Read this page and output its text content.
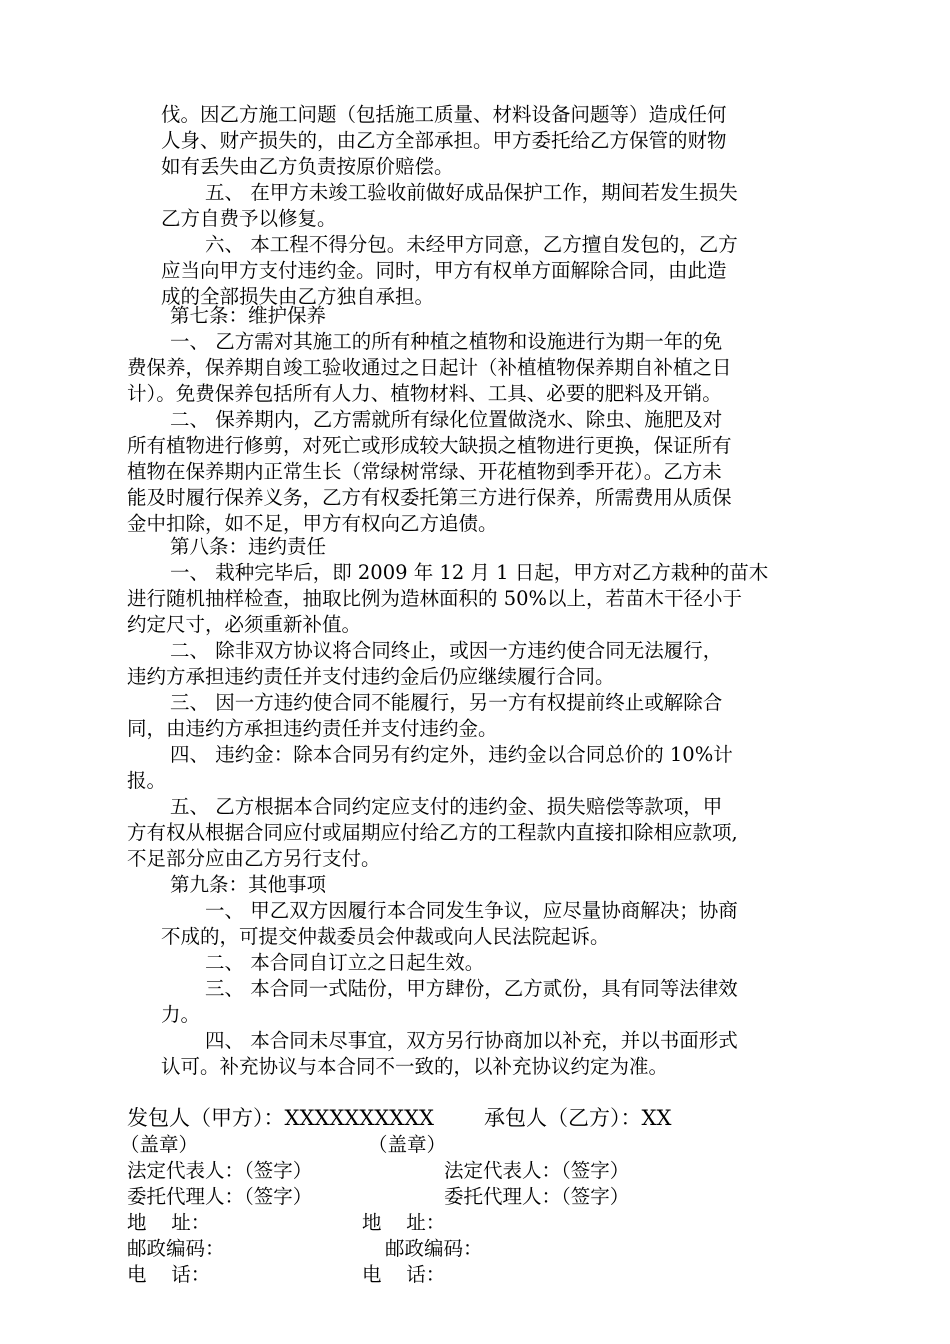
伐。因乙方施工问题（包括施工质量、材料设备问题等）造成任何
人身、财产损失的，由乙方全部承担。甲方委托给乙方保管的财物
如有丢失由乙方负责按原价赔偿。
五、 在甲方未竣工验收前做好成品保护工作，期间若发生损失
乙方自费予以修复。
六、 本工程不得分包。未经甲方同意，乙方擅自发包的，乙方
应当向甲方支付违约金。同时，甲方有权单方面解除合同，由此造
成的全部损失由乙方独自承担。
第七条：维护保养
一、 乙方需对其施工的所有种植之植物和设施进行为期一年的免
费保养，保养期自竣工验收通过之日起计（补植植物保养期自补植之日
计）。免费保养包括所有人力、植物材料、工具、必要的肥料及开销。
二、 保养期内，乙方需就所有绿化位置做浇水、除虫、施肥及对
所有植物进行修剪，对死亡或形成较大缺损之植物进行更换，保证所有
植物在保养期内正常生长（常绿树常绿、开花植物到季开花）。乙方未
能及时履行保养义务，乙方有权委托第三方进行保养，所需费用从质保
金中扣除，如不足，甲方有权向乙方追债。
第八条：违约责任
一、 栽种完毕后，即 2009 年 12 月 1 日起，甲方对乙方栽种的苗木
进行随机抽样检查，抽取比例为造林面积的 50%以上，若苗木干径小于
约定尺寸，必须重新补值。
二、 除非双方协议将合同终止，或因一方违约使合同无法履行，
违约方承担违约责任并支付违约金后仍应继续履行合同。
三、 因一方违约使合同不能履行，另一方有权提前终止或解除合
同，由违约方承担违约责任并支付违约金。
四、 违约金：除本合同另有约定外，违约金以合同总价的 10%计
报。
五、 乙方根据本合同约定应支付的违约金、损失赔偿等款项，甲
方有权从根据合同应付或届期应付给乙方的工程款内直接扣除相应款项,
不足部分应由乙方另行支付。
第九条：其他事项
一、 甲乙双方因履行本合同发生争议，应尽量协商解决；协商
不成的，可提交仲裁委员会仲裁或向人民法院起诉。
二、 本合同自订立之日起生效。
三、 本合同一式陆份，甲方肆份，乙方贰份，具有同等法律效
力。
四、 本合同未尽事宜，双方另行协商加以补充，并以书面形式
认可。补充协议与本合同不一致的，以补充协议约定为准。
发包人（甲方）：XXXXXXXXXX 承包人（乙方）：XX
（盖章）	（盖章）
法定代表人：（签字）	法定代表人：（签字）
委托代理人：（签字）	委托代理人：（签字）
地    址：	地    址：
邮政编码：	邮政编码：
电    话：	电    话：
